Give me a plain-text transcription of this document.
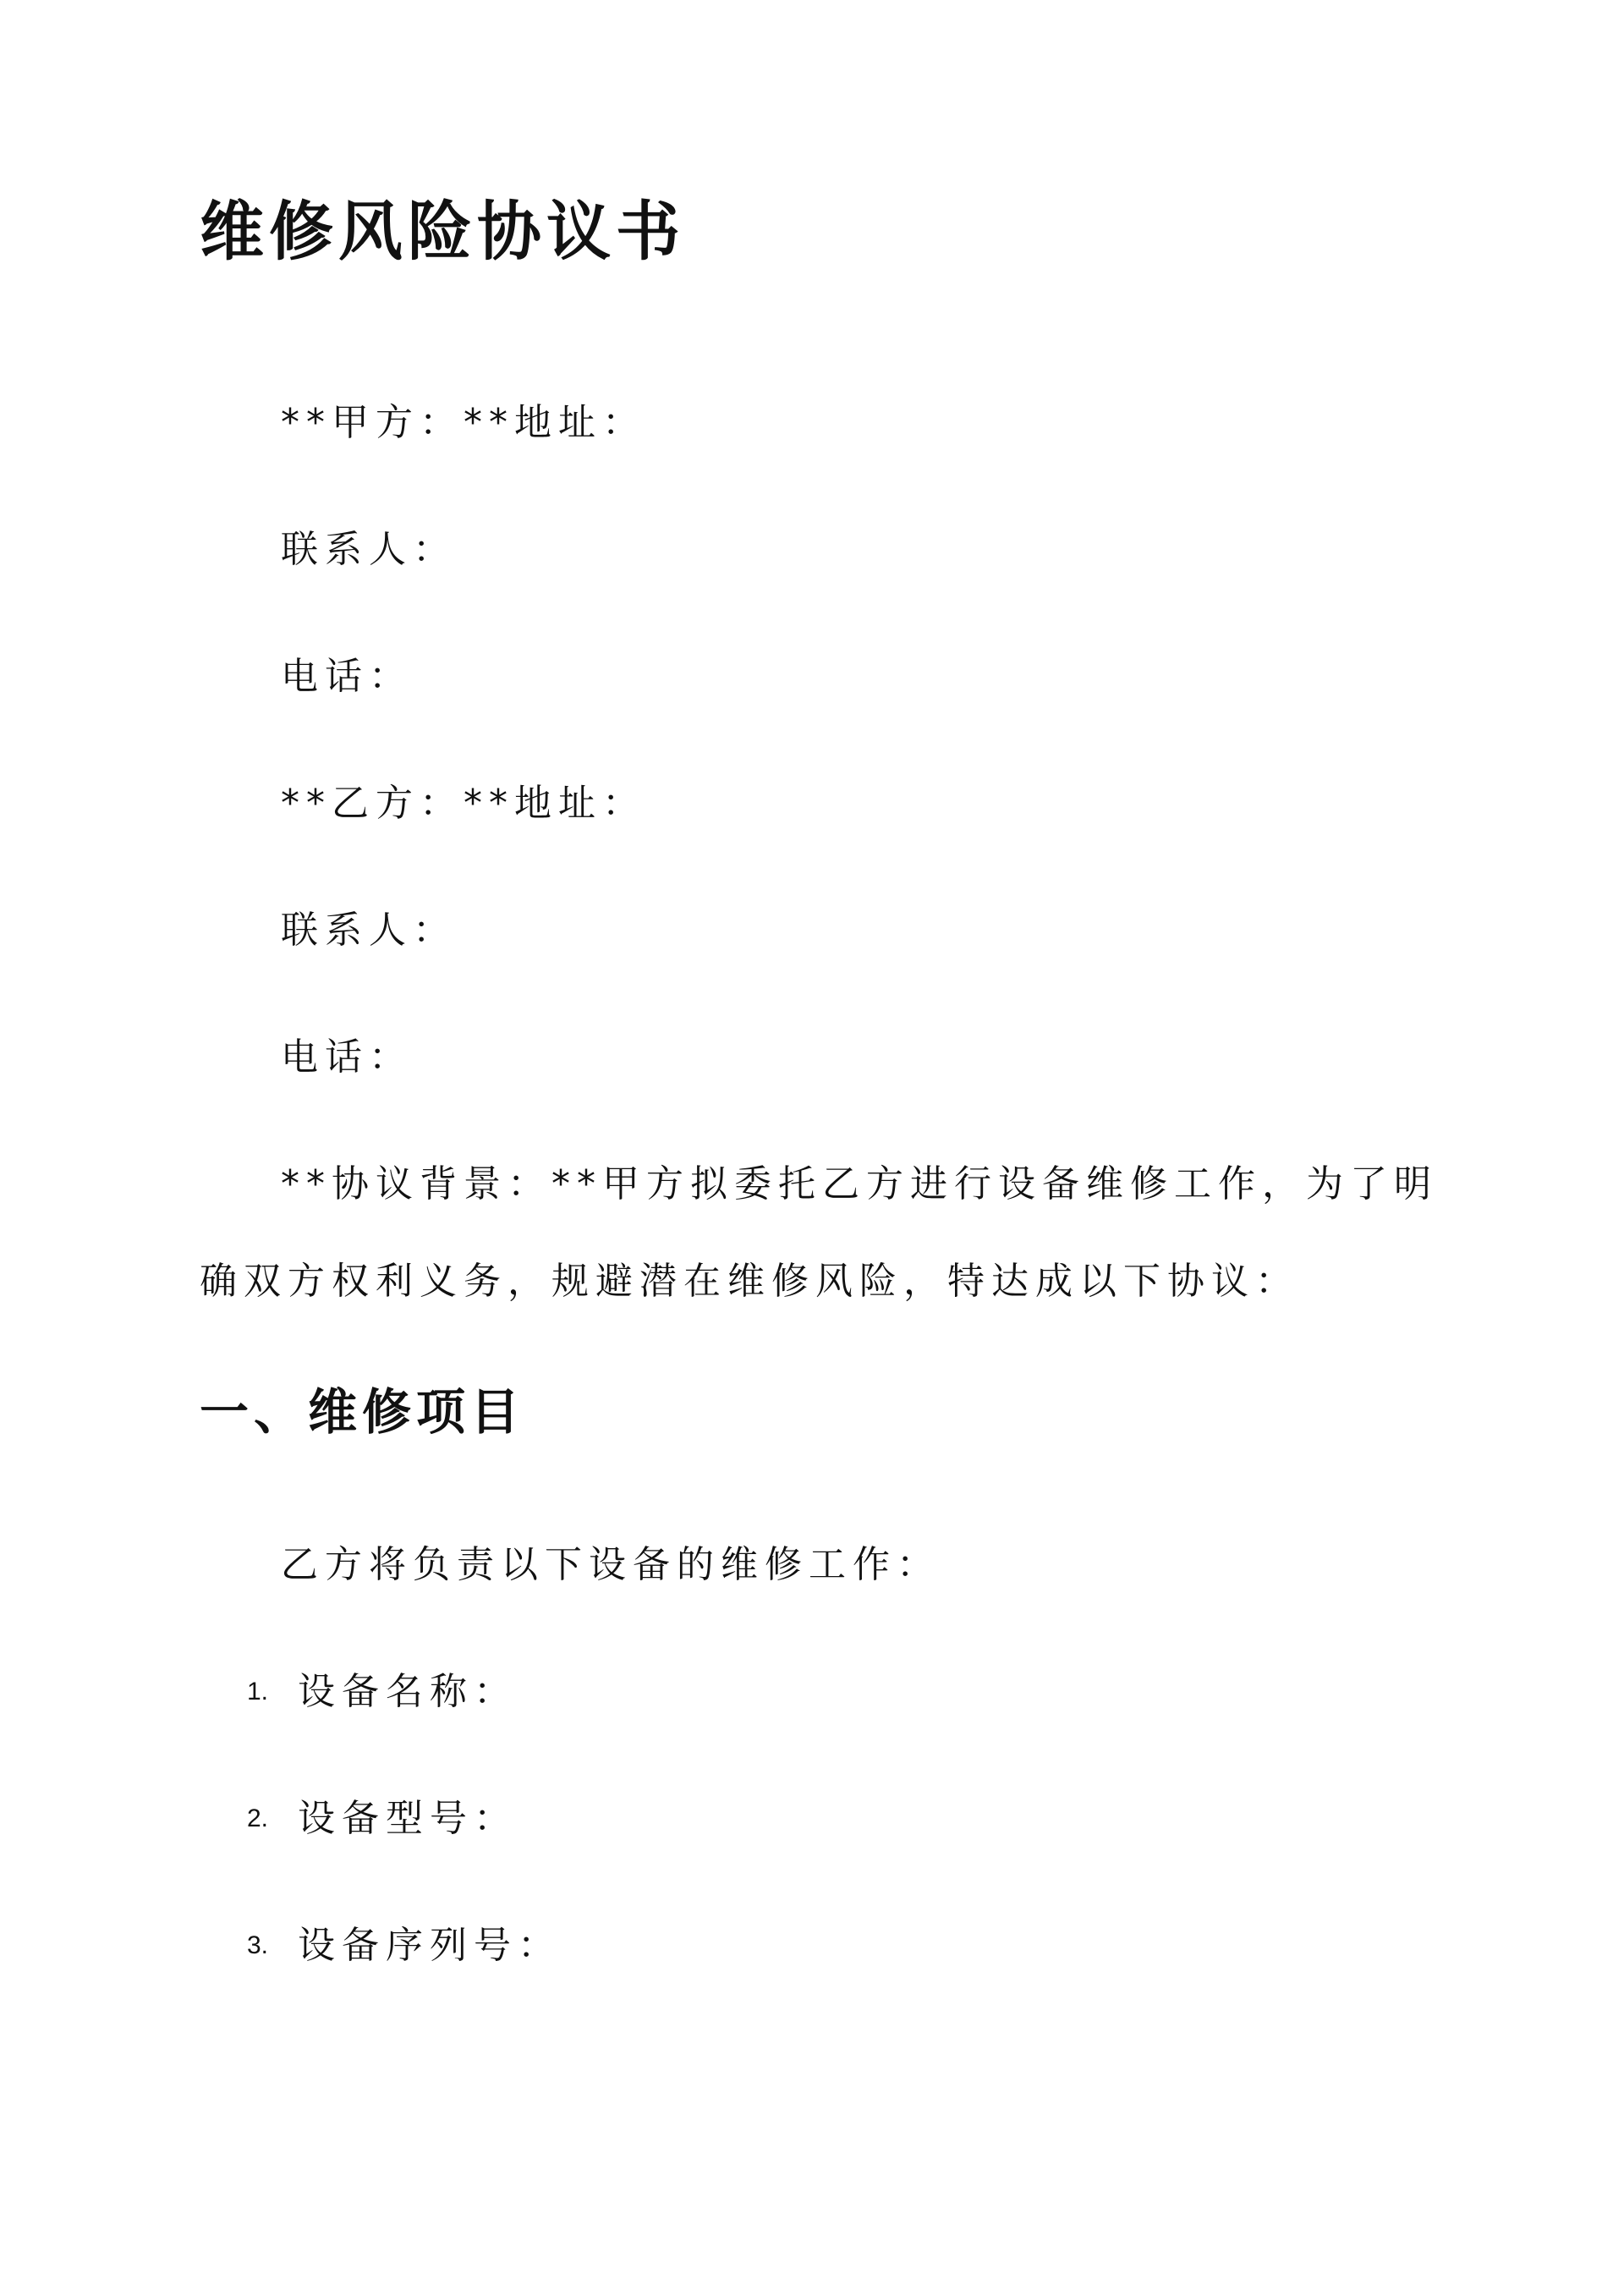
维修风险协议书
**甲方：**地址：
联系人：
电话：
**乙方：**地址：
联系人：
电话：
**协议背景：**甲方拟委托乙方进行设备维修工作，为了明
确双方权利义务，规避潜在维修风险，特达成以下协议：
一、维修项目
乙方将负责以下设备的维修工作：
1. 设备名称：
2. 设备型号：
3. 设备序列号：
